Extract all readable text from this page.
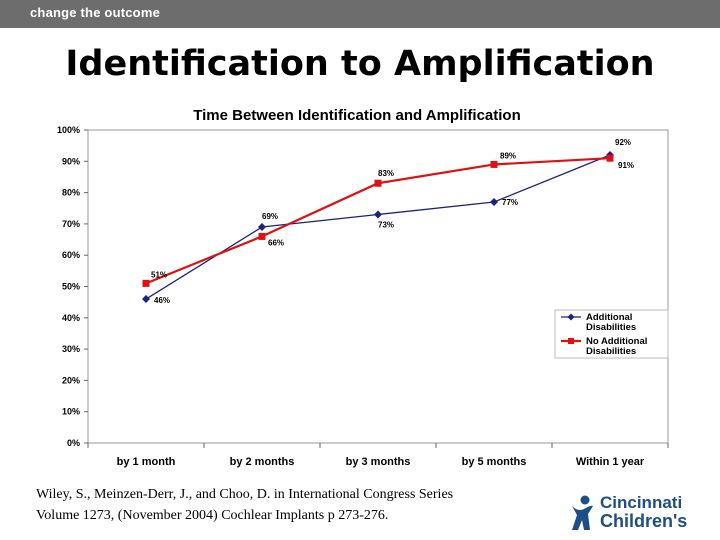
change the outcome
Identification to Amplification
Time Between Identification and Amplification
0%
10%
20%
30%
40%
50%
60%
70%
80%
90%
100%
by 1 month	by 2 months	by 3 months	by 5 months	Within 1 year
46%
69%
73%
77%
92%
51%
66%
83%
89%
91%
Additional
Disabilities
No Additional
Disabilities
Wiley, S., Meinzen-Derr, J., and Choo, D. in International Congress Series
Volume 1273, (November 2004) Cochlear Implants p 273-276.
Cincinnati
Children's
